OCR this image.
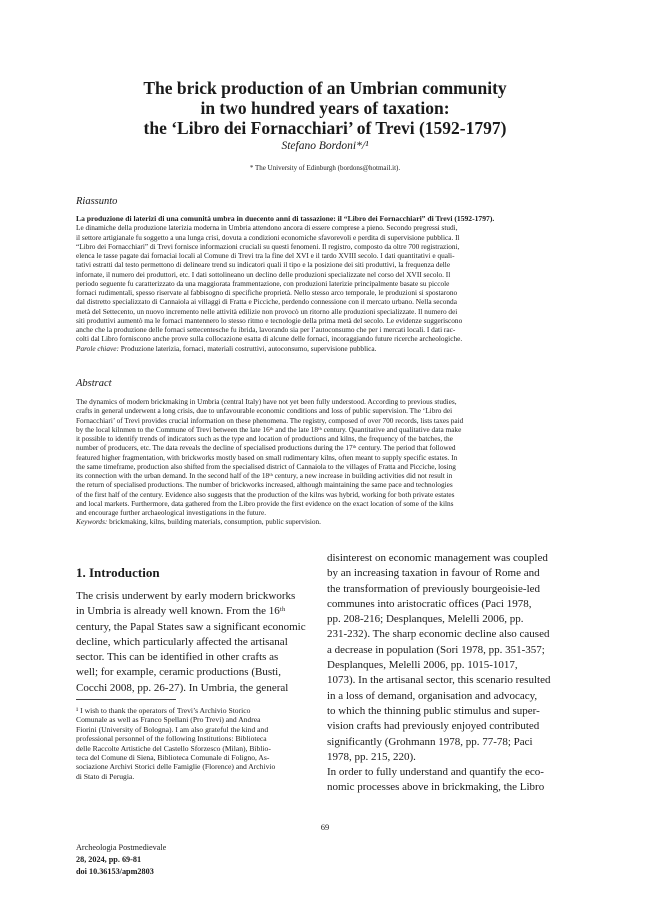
The brick production of an Umbrian community
in two hundred years of taxation:
the ‘Libro dei Fornacchiari’ of Trevi (1592-1797)
Stefano Bordoni*/¹
* The University of Edinburgh (bordons@hotmail.it).
Riassunto
La produzione di laterizi di una comunità umbra in duecento anni di tassazione: il “Libro dei Fornacchiari” di Trevi (1592-1797).
Le dinamiche della produzione laterizia moderna in Umbria attendono ancora di essere comprese a pieno. Secondo pregressi studi,
il settore artigianale fu soggetto a una lunga crisi, dovuta a condizioni economiche sfavorevoli e perdita di supervisione pubblica. Il
“Libro dei Fornacchiari” di Trevi fornisce informazioni cruciali su questi fenomeni. Il registro, composto da oltre 700 registrazioni,
elenca le tasse pagate dai fornaciai locali al Comune di Trevi tra la fine del XVI e il tardo XVIII secolo. I dati quantitativi e quali-
tativi estratti dal testo permettono di delineare trend su indicatori quali il tipo e la posizione dei siti produttivi, la frequenza delle
infornate, il numero dei produttori, etc. I dati sottolineano un declino delle produzioni specializzate nel corso del XVII secolo. Il
periodo seguente fu caratterizzato da una maggiorata frammentazione, con produzioni laterizie principalmente basate su piccole
fornaci rudimentali, spesso riservate al fabbisogno di specifiche proprietà. Nello stesso arco temporale, le produzioni si spostarono
dal distretto specializzato di Cannaiola ai villaggi di Fratta e Picciche, perdendo connessione con il mercato urbano. Nella seconda
metà del Settecento, un nuovo incremento nelle attività edilizie non provocò un ritorno alle produzioni specializzate. Il numero dei
siti produttivi aumentò ma le fornaci mantennero lo stesso ritmo e tecnologie della prima metà del secolo. Le evidenze suggeriscono
anche che la produzione delle fornaci settecentesche fu ibrida, lavorando sia per l’autoconsumo che per i mercati locali. I dati rac-
colti dal Libro forniscono anche prove sulla collocazione esatta di alcune delle fornaci, incoraggiando future ricerche archeologiche.
Parole chiave: Produzione laterizia, fornaci, materiali costruttivi, autoconsumo, supervisione pubblica.
Abstract
The dynamics of modern brickmaking in Umbria (central Italy) have not yet been fully understood. According to previous studies,
crafts in general underwent a long crisis, due to unfavourable economic conditions and loss of public supervision. The ‘Libro dei
Fornacchiari’ of Trevi provides crucial information on these phenomena. The registry, composed of over 700 records, lists taxes paid
by the local kilnmen to the Commune of Trevi between the late 16ᵗʰ and the late 18ᵗʰ century. Quantitative and qualitative data make
it possible to identify trends of indicators such as the type and location of productions and kilns, the frequency of the batches, the
number of producers, etc. The data reveals the decline of specialised productions during the 17ᵗʰ century. The period that followed
featured higher fragmentation, with brickworks mostly based on small rudimentary kilns, often meant to supply specific estates. In
the same timeframe, production also shifted from the specialised district of Cannaiola to the villages of Fratta and Picciche, losing
its connection with the urban demand. In the second half of the 18ᵗʰ century, a new increase in building activities did not result in
the return of specialised productions. The number of brickworks increased, although maintaining the same pace and technologies
of the first half of the century. Evidence also suggests that the production of the kilns was hybrid, working for both private estates
and local markets. Furthermore, data gathered from the Libro provide the first evidence on the exact location of some of the kilns
and encourage further archaeological investigations in the future.
Keywords: brickmaking, kilns, building materials, consumption, public supervision.
1. Introduction
The crisis underwent by early modern brickworks
in Umbria is already well known. From the 16ᵗʰ
century, the Papal States saw a significant economic
decline, which particularly affected the artisanal
sector. This can be identified in other crafts as
well; for example, ceramic productions (Busti,
Cocchi 2008, pp. 26-27). In Umbria, the general
¹ I wish to thank the operators of Trevi’s Archivio Storico
Comunale as well as Franco Spellani (Pro Trevi) and Andrea
Fiorini (University of Bologna). I am also grateful the kind and
professional personnel of the following Institutions: Biblioteca
delle Raccolte Artistiche del Castello Sforzesco (Milan), Biblio-
teca del Comune di Siena, Biblioteca Comunale di Foligno, As-
sociazione Archivi Storici delle Famiglie (Florence) and Archivio
di Stato di Perugia.
disinterest on economic management was coupled
by an increasing taxation in favour of Rome and
the transformation of previously bourgeoisie-led
communes into aristocratic offices (Paci 1978,
pp. 208-216; Desplanques, Melelli 2006, pp.
231-232). The sharp economic decline also caused
a decrease in population (Sori 1978, pp. 351-357;
Desplanques, Melelli 2006, pp. 1015-1017,
1073). In the artisanal sector, this scenario resulted
in a loss of demand, organisation and advocacy,
to which the thinning public stimulus and super-
vision crafts had previously enjoyed contributed
significantly (Grohmann 1978, pp. 77-78; Paci
1978, pp. 215, 220).
In order to fully understand and quantify the eco-
nomic processes above in brickmaking, the Libro
69
Archeologia Postmedievale
28, 2024, pp. 69-81
doi 10.36153/apm2803
